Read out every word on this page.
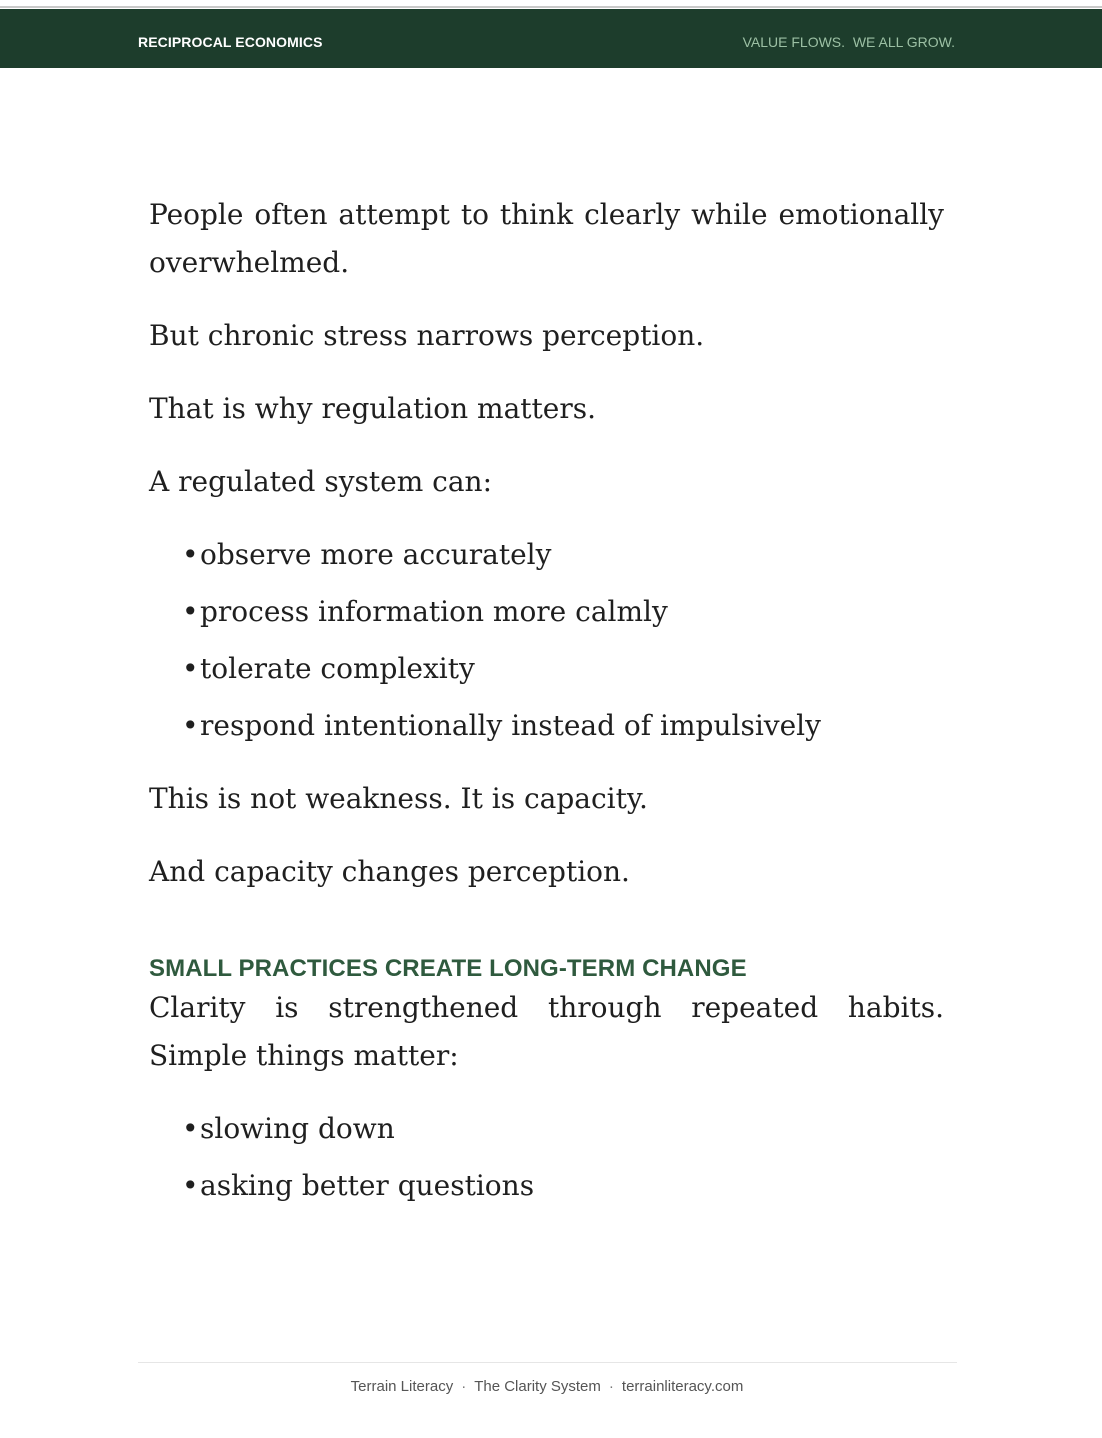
RECIPROCAL ECONOMICS	VALUE FLOWS.  WE ALL GROW.

People often attempt to think clearly while emotionally overwhelmed.

But chronic stress narrows perception.

That is why regulation matters.

A regulated system can:

•observe more accurately
•process information more calmly
•tolerate complexity
•respond intentionally instead of impulsively

This is not weakness. It is capacity.

And capacity changes perception.

SMALL PRACTICES CREATE LONG-TERM CHANGE

Clarity is strengthened through repeated habits. Simple things matter:

•slowing down
•asking better questions
Terrain Literacy · The Clarity System · terrainliteracy.com
